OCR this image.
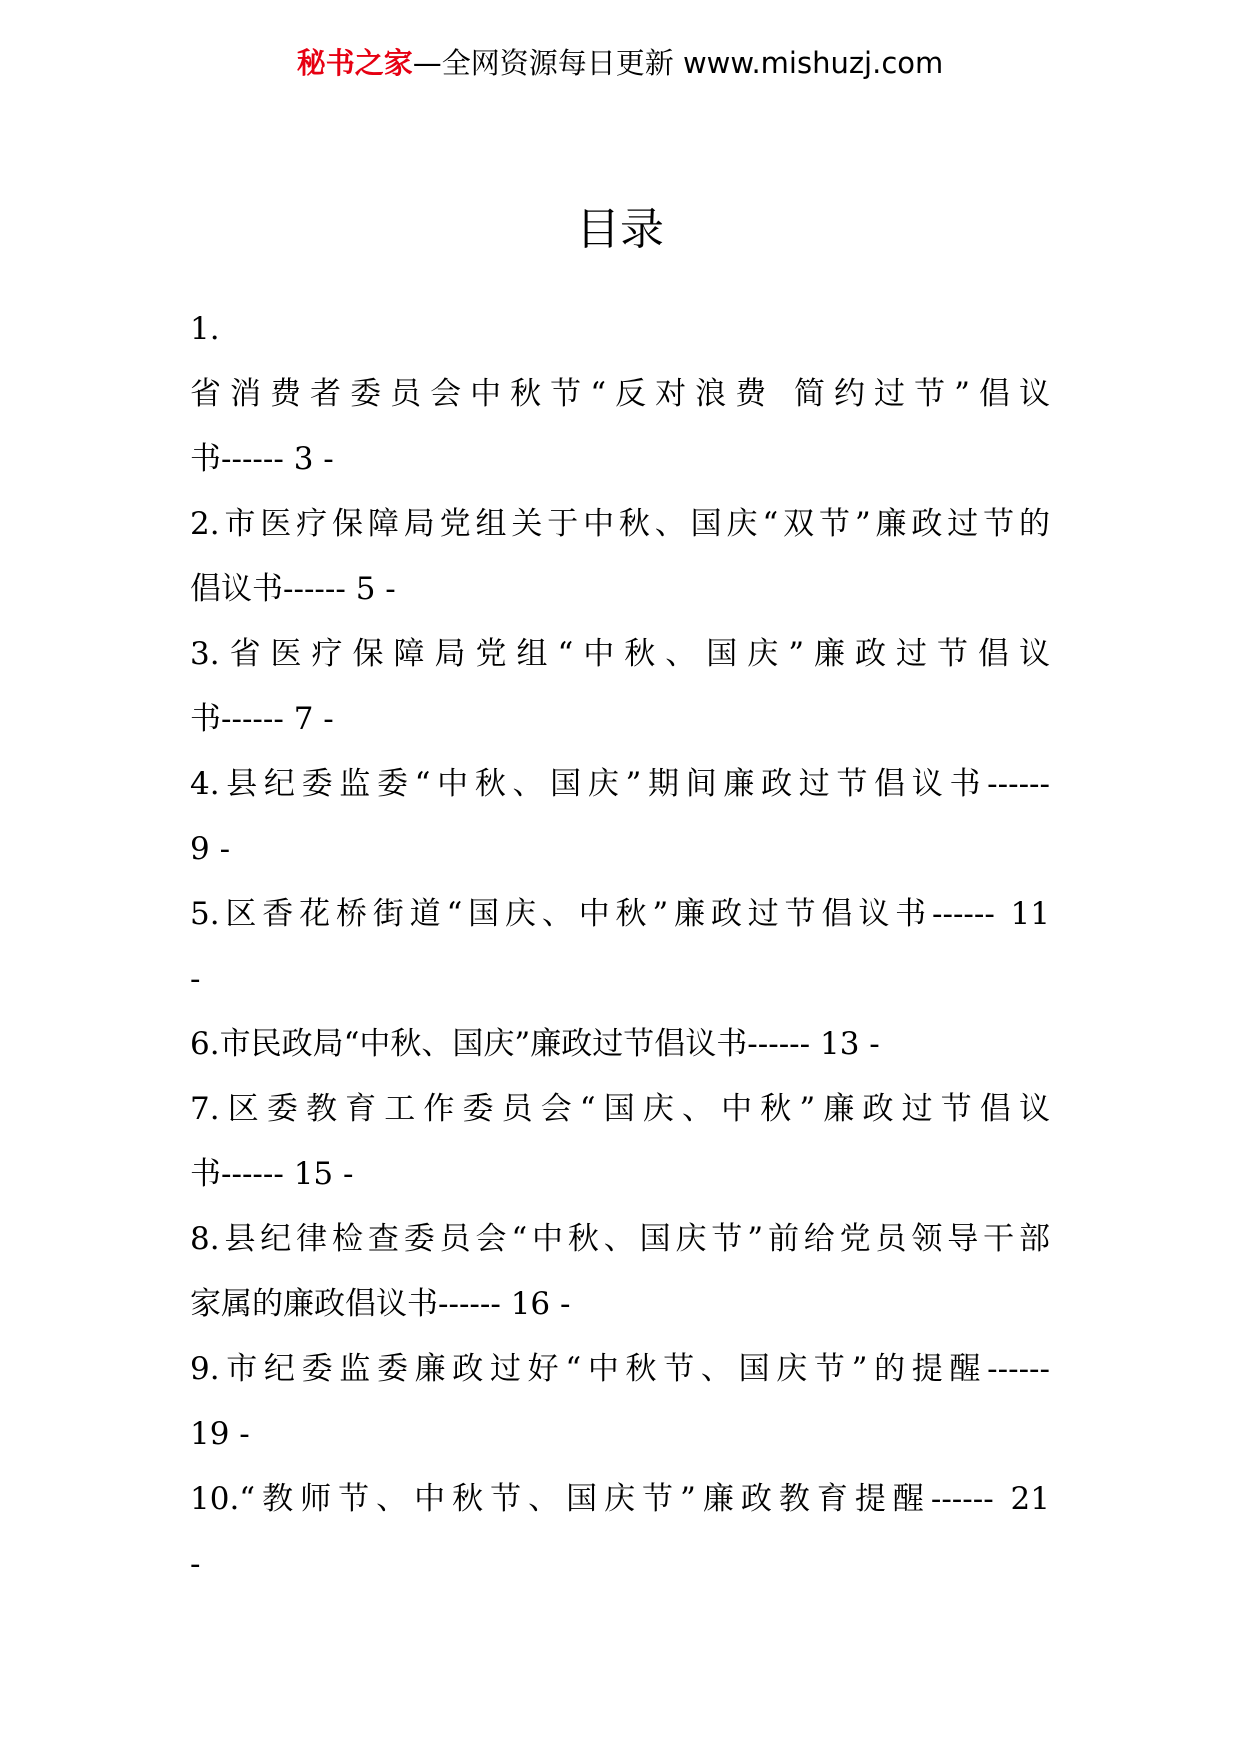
秘书之家—全网资源每日更新 www.mishuzj.com
目录
1.
省消费者委员会中秋节“反对浪费 简约过节”倡议
书------ 3 -
2.市医疗保障局党组关于中秋、国庆“双节”廉政过节的
倡议书------ 5 -
3.省医疗保障局党组“中秋、国庆”廉政过节倡议
书------ 7 -
4.县纪委监委“中秋、国庆”期间廉政过节倡议书------
9 -
5.区香花桥街道“国庆、中秋”廉政过节倡议书------ 11
-
6.市民政局“中秋、国庆”廉政过节倡议书------ 13 -
7.区委教育工作委员会“国庆、中秋”廉政过节倡议
书------ 15 -
8.县纪律检查委员会“中秋、国庆节”前给党员领导干部
家属的廉政倡议书------ 16 -
9.市纪委监委廉政过好“中秋节、国庆节”的提醒------
19 -
10.“教师节、中秋节、国庆节”廉政教育提醒------ 21
-
